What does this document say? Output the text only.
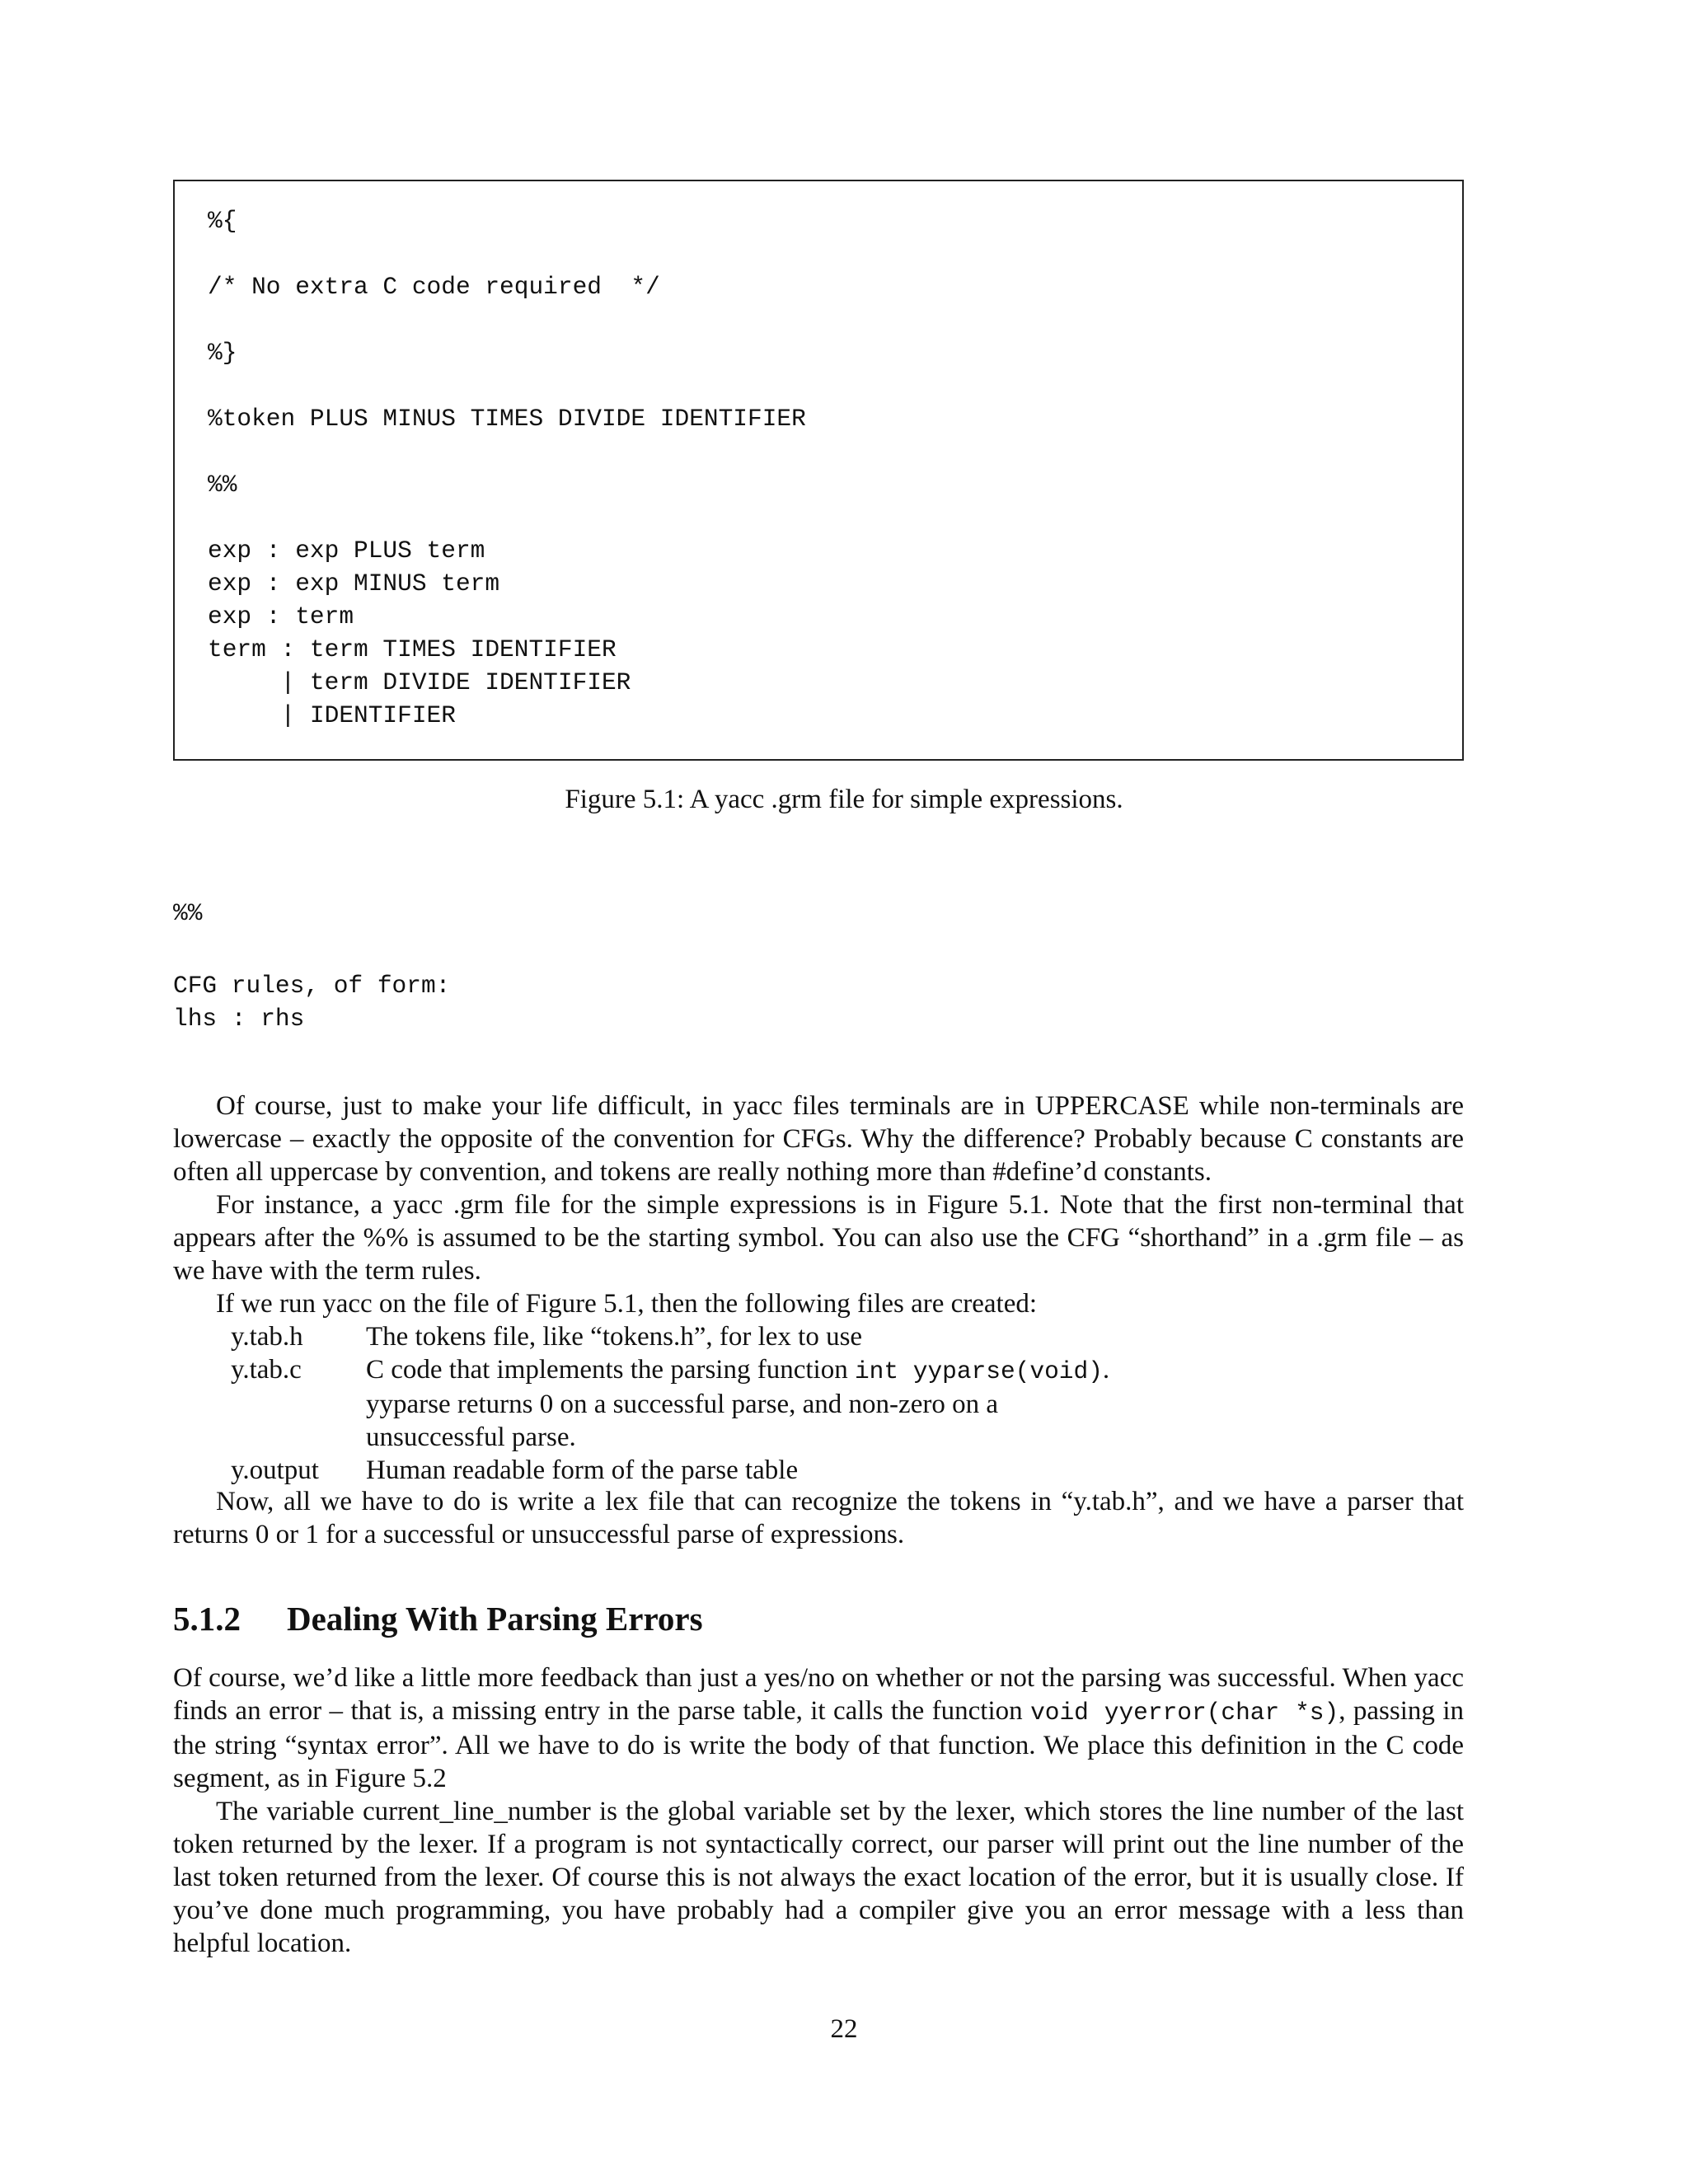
%{
/* No extra C code required  */
%}
%token PLUS MINUS TIMES DIVIDE IDENTIFIER
%%
exp : exp PLUS term
exp : exp MINUS term
exp : term
term : term TIMES IDENTIFIER
| term DIVIDE IDENTIFIER
| IDENTIFIER
Figure 5.1: A yacc .grm file for simple expressions.
%%
CFG rules, of form:
lhs : rhs
Of course, just to make your life difficult, in yacc files terminals are in UPPERCASE while non-terminals are lowercase – exactly the opposite of the convention for CFGs. Why the difference? Probably because C constants are often all uppercase by convention, and tokens are really nothing more than #define’d constants.
For instance, a yacc .grm file for the simple expressions is in Figure 5.1. Note that the first non-terminal that appears after the %% is assumed to be the starting symbol. You can also use the CFG “shorthand” in a .grm file – as we have with the term rules.
If we run yacc on the file of Figure 5.1, then the following files are created:
y.tab.h	The tokens file, like “tokens.h”, for lex to use
y.tab.c	C code that implements the parsing function int yyparse(void).
yyparse returns 0 on a successful parse, and non-zero on a
unsuccessful parse.
y.output	Human readable form of the parse table
Now, all we have to do is write a lex file that can recognize the tokens in “y.tab.h”, and we have a parser that returns 0 or 1 for a successful or unsuccessful parse of expressions.
5.1.2 Dealing With Parsing Errors
Of course, we’d like a little more feedback than just a yes/no on whether or not the parsing was successful. When yacc finds an error – that is, a missing entry in the parse table, it calls the function void yyerror(char *s), passing in the string “syntax error”. All we have to do is write the body of that function. We place this definition in the C code segment, as in Figure 5.2
The variable current_line_number is the global variable set by the lexer, which stores the line number of the last token returned by the lexer. If a program is not syntactically correct, our parser will print out the line number of the last token returned from the lexer. Of course this is not always the exact location of the error, but it is usually close. If you’ve done much programming, you have probably had a compiler give you an error message with a less than helpful location.
22
